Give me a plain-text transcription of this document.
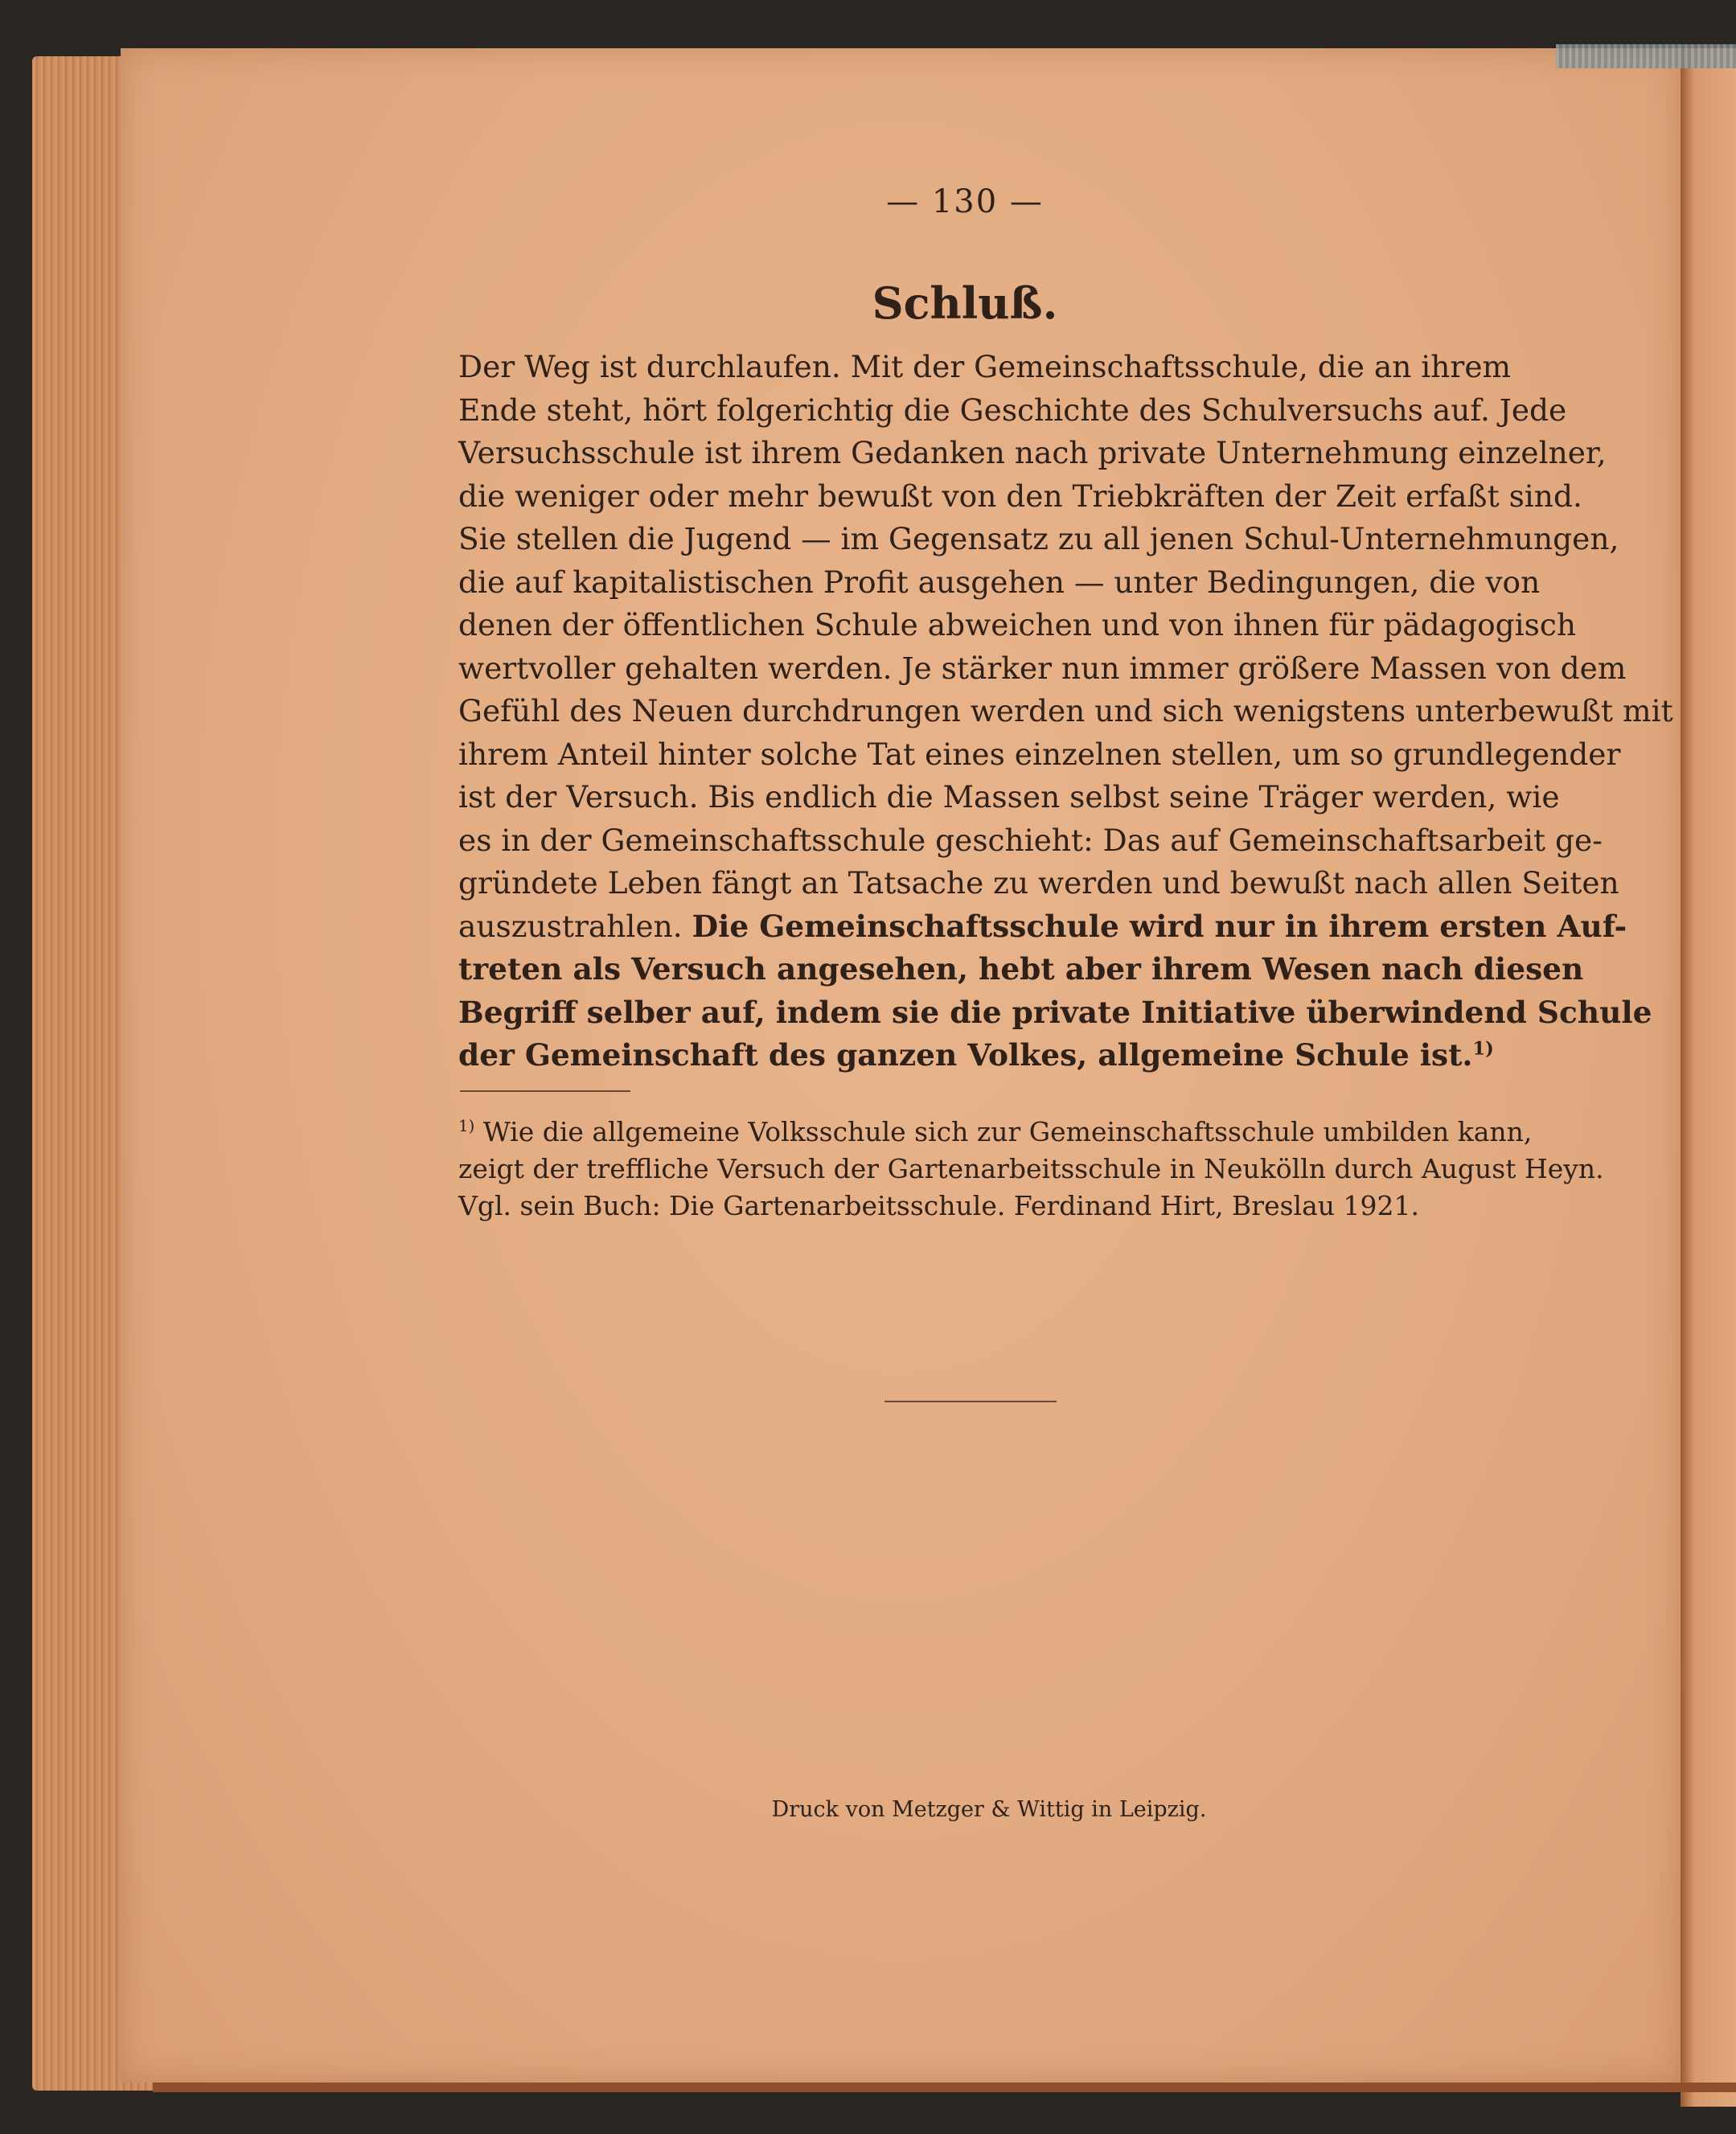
— 130 —
Schluß.
Der Weg ist durchlaufen. Mit der Gemeinschaftsschule, die an ihrem
Ende steht, hört folgerichtig die Geschichte des Schulversuchs auf. Jede
Versuchsschule ist ihrem Gedanken nach private Unternehmung einzelner,
die weniger oder mehr bewußt von den Triebkräften der Zeit erfaßt sind.
Sie stellen die Jugend — im Gegensatz zu all jenen Schul-Unternehmungen,
die auf kapitalistischen Profit ausgehen — unter Bedingungen, die von
denen der öffentlichen Schule abweichen und von ihnen für pädagogisch
wertvoller gehalten werden. Je stärker nun immer größere Massen von dem
Gefühl des Neuen durchdrungen werden und sich wenigstens unterbewußt mit
ihrem Anteil hinter solche Tat eines einzelnen stellen, um so grundlegender
ist der Versuch. Bis endlich die Massen selbst seine Träger werden, wie
es in der Gemeinschaftsschule geschieht: Das auf Gemeinschaftsarbeit ge-
gründete Leben fängt an Tatsache zu werden und bewußt nach allen Seiten
auszustrahlen. Die Gemeinschaftsschule wird nur in ihrem ersten Auf-
treten als Versuch angesehen, hebt aber ihrem Wesen nach diesen
Begriff selber auf, indem sie die private Initiative überwindend Schule
der Gemeinschaft des ganzen Volkes, allgemeine Schule ist.$^{1)}$
$^{1)}$ Wie die allgemeine Volksschule sich zur Gemeinschaftsschule umbilden kann,
zeigt der treffliche Versuch der Gartenarbeitsschule in Neukölln durch August Heyn.
Vgl. sein Buch: Die Gartenarbeitsschule. Ferdinand Hirt, Breslau 1921.
Druck von Metzger & Wittig in Leipzig.
